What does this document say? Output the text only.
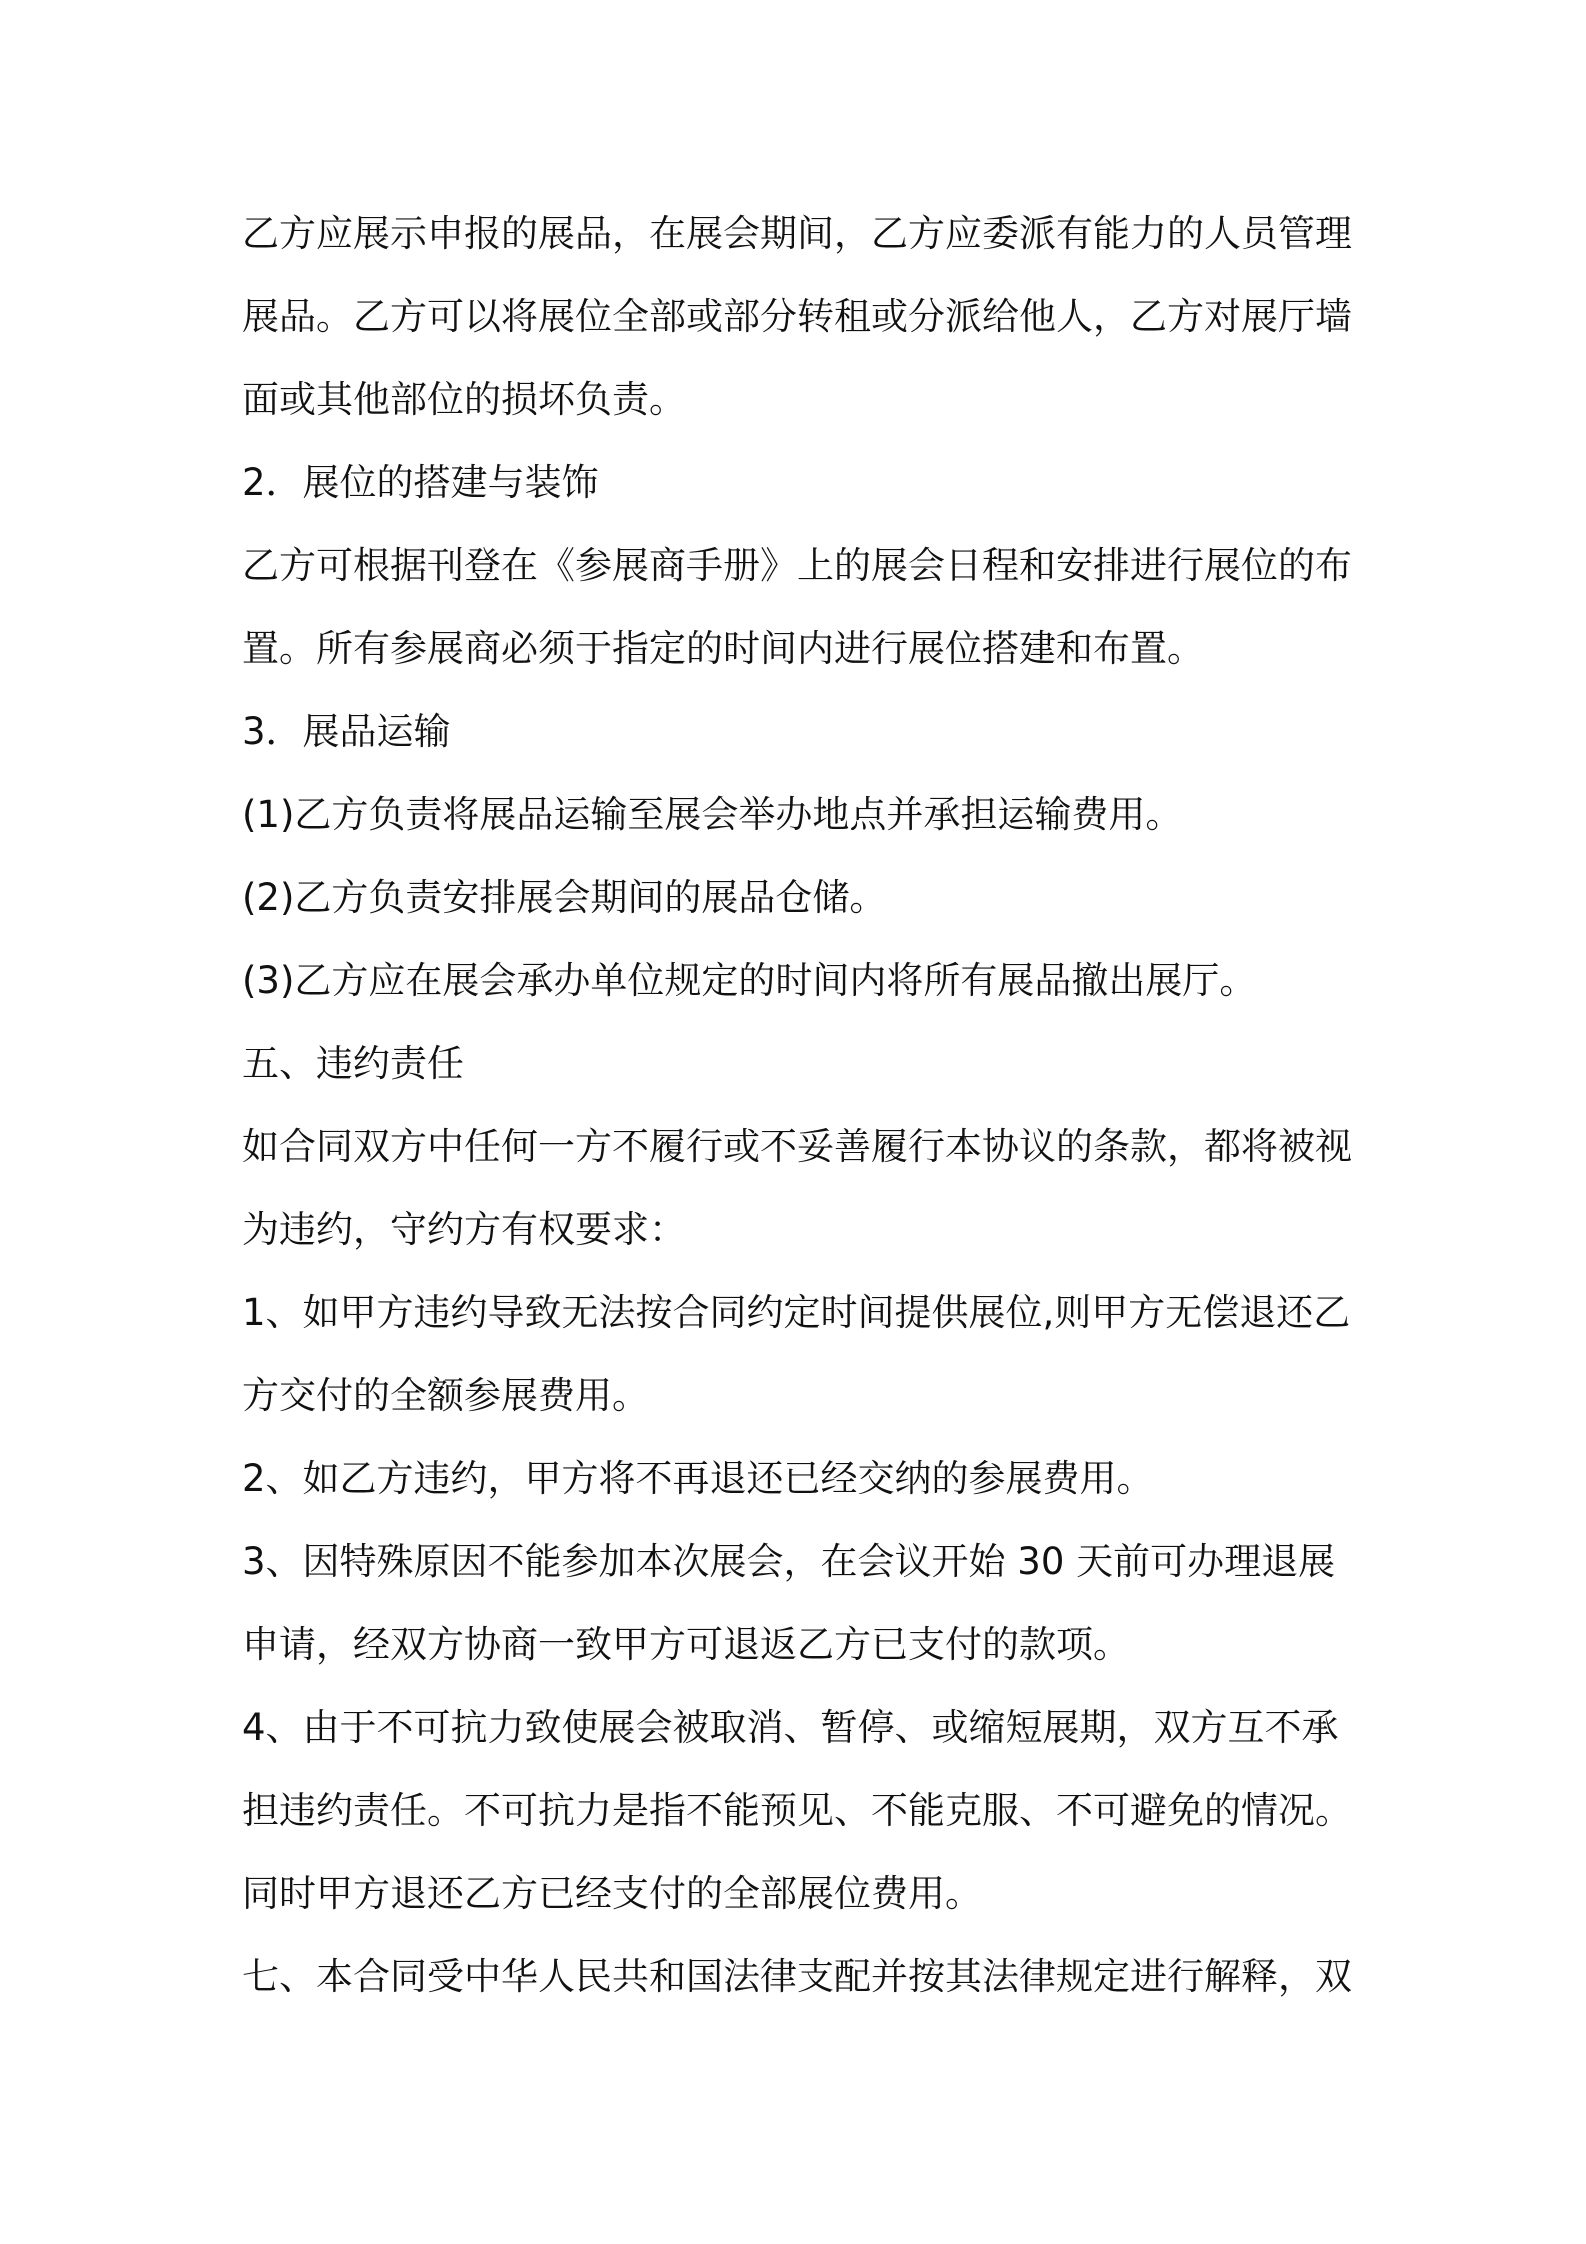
乙方应展示申报的展品，在展会期间，乙方应委派有能力的人员管理
展品。乙方可以将展位全部或部分转租或分派给他人，乙方对展厅墙
面或其他部位的损坏负责。
2．展位的搭建与装饰
乙方可根据刊登在《参展商手册》上的展会日程和安排进行展位的布
置。所有参展商必须于指定的时间内进行展位搭建和布置。
3．展品运输
(1)乙方负责将展品运输至展会举办地点并承担运输费用。
(2)乙方负责安排展会期间的展品仓储。
(3)乙方应在展会承办单位规定的时间内将所有展品撤出展厅。
五、违约责任
如合同双方中任何一方不履行或不妥善履行本协议的条款，都将被视
为违约，守约方有权要求：
1、如甲方违约导致无法按合同约定时间提供展位,则甲方无偿退还乙
方交付的全额参展费用。
2、如乙方违约，甲方将不再退还已经交纳的参展费用。
3、因特殊原因不能参加本次展会，在会议开始 30 天前可办理退展
申请，经双方协商一致甲方可退返乙方已支付的款项。
4、由于不可抗力致使展会被取消、暂停、或缩短展期，双方互不承
担违约责任。不可抗力是指不能预见、不能克服、不可避免的情况。
同时甲方退还乙方已经支付的全部展位费用。
七、本合同受中华人民共和国法律支配并按其法律规定进行解释，双
